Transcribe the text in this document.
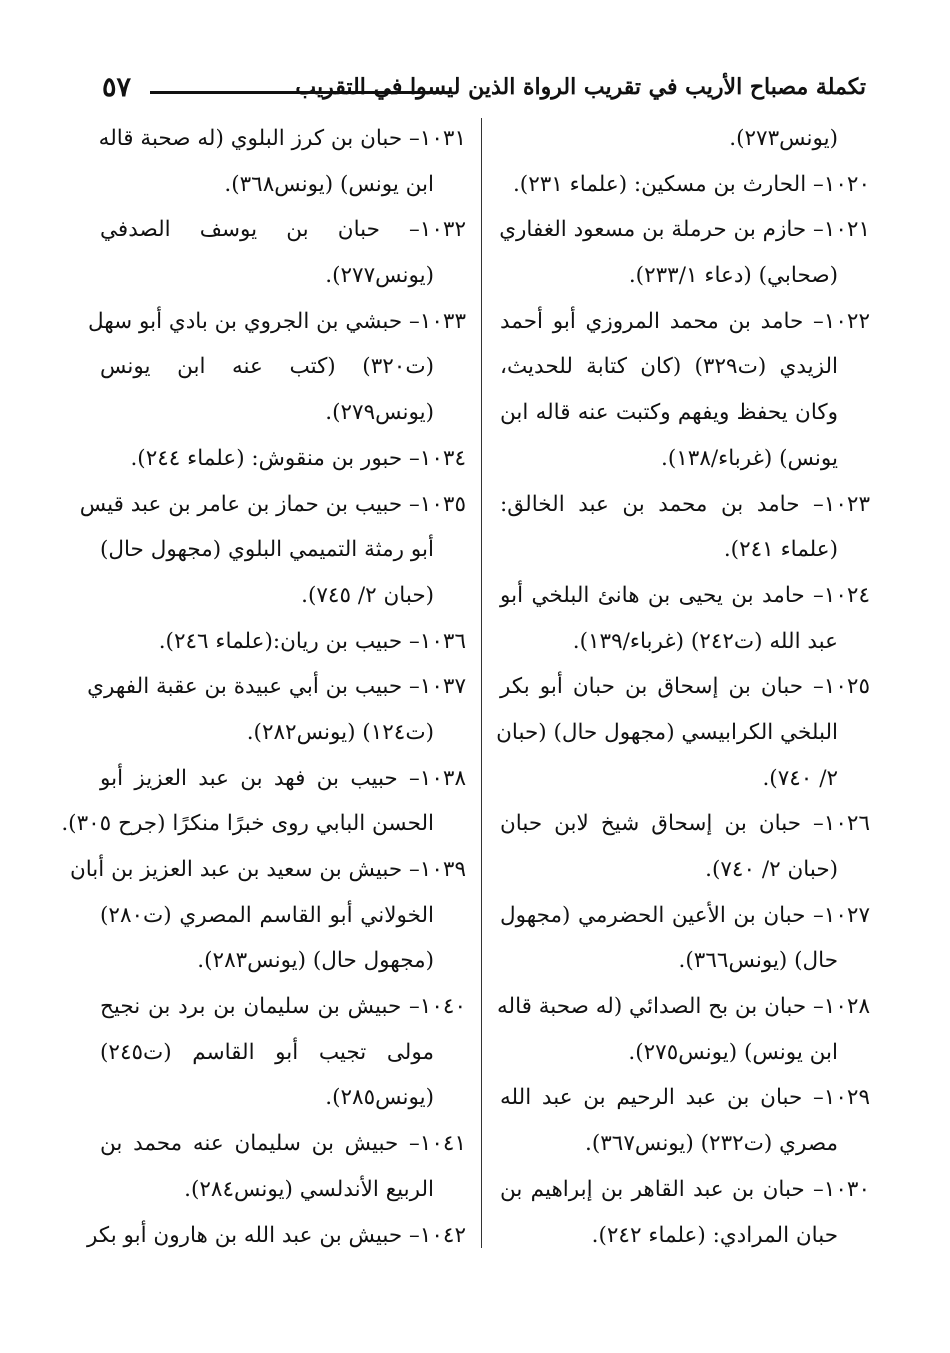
٥٧	تكملة مصباح الأريب في تقريب الرواة الذين ليسوا في التقريب
(يونس٢٧٣).
١٠٢٠– الحارث بن مسكين: (علماء ٢٣١).
١٠٢١– حازم بن حرملة بن مسعود الغفاري
(صحابي) (دعاء ٢٣٣/١).
١٠٢٢– حامد بن محمد المروزي أبو أحمد
الزيدي (ت٣٢٩) (كان كتابة للحديث،
وكان يحفظ ويفهم وكتبت عنه قاله ابن
يونس) (غرباء/١٣٨).
١٠٢٣– حامد بن محمد بن عبد الخالق:
(علماء ٢٤١).
١٠٢٤– حامد بن يحيى بن هانئ البلخي أبو
عبد الله (ت٢٤٢) (غرباء/١٣٩).
١٠٢٥– حبان بن إسحاق بن حبان أبو بكر
البلخي الكرابيسي (مجهول حال) (حبان
٢/ ٧٤٠).
١٠٢٦– حبان بن إسحاق شيخ لابن حبان
(حبان ٢/ ٧٤٠).
١٠٢٧– حبان بن الأعين الحضرمي (مجهول
حال) (يونس٣٦٦).
١٠٢٨– حبان بن بح الصدائي (له صحبة قاله
ابن يونس) (يونس٢٧٥).
١٠٢٩– حبان بن عبد الرحيم بن عبد الله
مصري (ت٢٣٢) (يونس٣٦٧).
١٠٣٠– حبان بن عبد القاهر بن إبراهيم بن
حبان المرادي: (علماء ٢٤٢).
١٠٣١– حبان بن كرز البلوي (له صحبة قاله
ابن يونس) (يونس٣٦٨).
١٠٣٢– حبان بن يوسف الصدفي
(يونس٢٧٧).
١٠٣٣– حبشي بن الجروي بن بادي أبو سهل
(ت٣٢٠) (كتب عنه ابن يونس
(يونس٢٧٩).
١٠٣٤– حبور بن منقوش: (علماء ٢٤٤).
١٠٣٥– حبيب بن حماز بن عامر بن عبد قيس
أبو رمثة التميمي البلوي (مجهول حال)
(حبان ٢/ ٧٤٥).
١٠٣٦– حبيب بن ريان:(علماء ٢٤٦).
١٠٣٧– حبيب بن أبي عبيدة بن عقبة الفهري
(ت١٢٤) (يونس٢٨٢).
١٠٣٨– حبيب بن فهد بن عبد العزيز أبو
الحسن البابي روى خبرًا منكرًا (جرح ٣٠٥).
١٠٣٩– حبيش بن سعيد بن عبد العزيز بن أبان
الخولاني أبو القاسم المصري (ت٢٨٠)
(مجهول حال) (يونس٢٨٣).
١٠٤٠– حبيش بن سليمان بن برد بن نجيح
مولى تجيب أبو القاسم (ت٢٤٥)
(يونس٢٨٥).
١٠٤١– حبيش بن سليمان عنه محمد بن
الربيع الأندلسي (يونس٢٨٤).
١٠٤٢– حبيش بن عبد الله بن هارون أبو بكر
